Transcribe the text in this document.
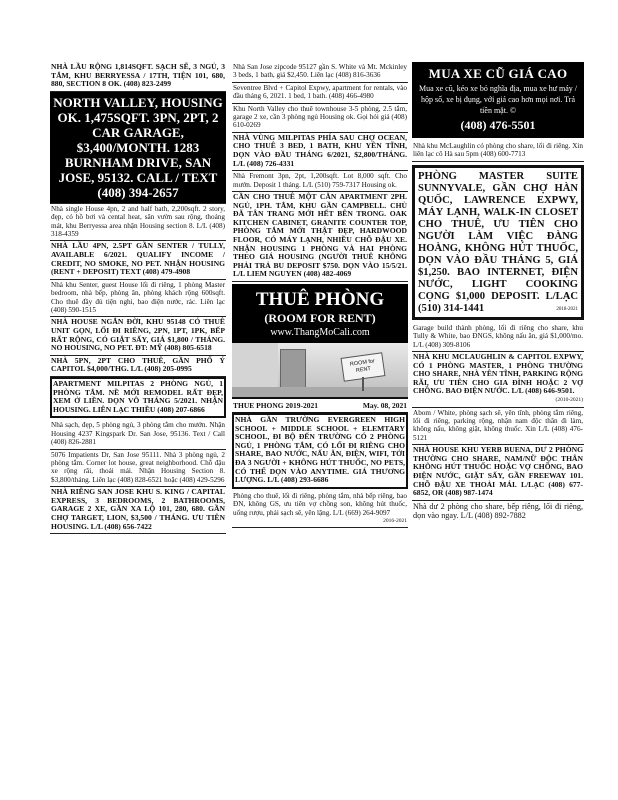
NHÀ LẦU RỘNG 1,814SQFT. SẠCH SẼ, 3 NGỦ, 3 TẮM, KHU BERRYESSA / 17TH, TIỆN 101, 680, 880, SECTION 8 OK. (408) 823-2499
NORTH VALLEY, HOUSING OK. 1,475SQFT. 3PN, 2PT, 2 CAR GARAGE, $3,400/MONTH. 1283 BURNHAM DRIVE, SAN JOSE, 95132. CALL / TEXT (408) 394-2657
Nhà single House 4pn, 2 and half bath, 2,200sqft. 2 story, đẹp, có hồ bơi và cental heat, sân vườn sau rộng, thoáng mát, khu Berryessa area nhận Housing section 8. L/L (408) 318-4359
NHÀ LẦU 4PN, 2.5PT GẦN SENTER / TULLY, AVAILABLE 6/2021. QUALIFY INCOME / CREDIT, NO SMOKE, NO PET. NHẬN HOUSING (RENT + DEPOSIT) TEXT (408) 479-4908
Nhà khu Senter, guest House lối đi riêng, 1 phòng Master bedroom, nhà bếp, phòng ăn, phòng khách rộng 600sqft. Cho thuê đầy đủ tiện nghi, bao điện nước, rác. Liên lạc (408) 590-1515
NHÀ HOUSE NGẮN ĐỜI, KHU 95148 CÓ THUÊ UNIT GỌN, LỐI ĐI RIÊNG, 2PN, 1PT, 1PK, BẾP RẤT RỘNG, CÓ GIẶT SẤY, GIÁ $1,800 / THÁNG. NO HOUSING, NO PET. ĐT: MỸ (408) 805-6518
NHÀ 5PN, 2PT CHO THUÊ, GẦN PHỐ Ý CAPITOL $4,000/THG. L/L (408) 205-0995
APARTMENT MILPITAS 2 PHÒNG NGỦ, 1 PHÒNG TẮM. NỀ MỚI REMODEL RẤT ĐẸP, XEM Ở LIỀN. DỌN VÔ THÁNG 5/2021. NHẬN HOUSING. LIÊN LẠC THIỀU (408) 207-6866
Nhà sạch, đẹp, 5 phòng ngủ, 3 phòng tắm cho mướn. Nhận Housing 4237 Kingspark Dr. San Jose, 95136. Text / Call (408) 826-2881
5076 Impatients Dr, San Jose 95111. Nhà 3 phòng ngủ, 2 phòng tắm. Corner lot house, great neighborhood. Chỗ đậu xe rộng rãi, thoải mái. Nhận Housing Section 8. $3,800/tháng. Liên lạc (408) 828-6521 hoặc (408) 429-5296
NHÀ RIÊNG SAN JOSE KHU S. KING / CAPITAL EXPRESS, 3 BEDROOMS, 2 BATHROOMS, GARAGE 2 XE, GẦN XA LỘ 101, 280, 680. GẦN CHỢ TARGET, LION, $3,500 / THÁNG. ƯU TIÊN HOUSING. L/L (408) 656-7422
Nhà San Jose zipcode 95127 gần S. White và Mt. Mckinley 3 beds, 1 bath, giá $2,450. Liên lạc (408) 816-3636
Seventree Blvd + Capitol Expwy, apartment for rentals, vào đầu tháng 6, 2021. 1 bed, 1 bath. (408) 466-4980
Khu North Valley cho thuê townhouse 3-5 phòng, 2.5 tắm, garage 2 xe, cần 3 phòng ngủ Housing ok. Gọi hỏi giá (408) 610-0269
NHÀ VÙNG MILPITAS PHÍA SAU CHỢ OCEAN, CHO THUÊ 3 BED, 1 BATH, KHU YÊN TĨNH, DỌN VÀO ĐẦU THÁNG 6/2021, $2,800/THÁNG. L/L (408) 726-4331
Nhà Fremont 3pn, 2pt, 1,200sqft. Lot 8,000 sqft. Cho mướn. Deposit 1 tháng. L/L (510) 759-7317 Housing ok.
CẦN CHO THUÊ MỘT CĂN APARTMENT 2PH. NGỦ, 1PH. TẮM, KHU GẦN CAMPBELL. CHỦ ĐÃ TÂN TRANG MỚI HẾT BÊN TRONG. OAK KITCHEN CABINET, GRANITE COUNTER TOP, PHÒNG TẮM MỚI THẬT ĐẸP, HARDWOOD FLOOR, CÓ MÁY LẠNH, NHIỀU CHỖ ĐẬU XE. NHẬN HOUSING 1 PHÒNG VÀ HAI PHÒNG THEO GIÁ HOUSING (NGƯỜI THUÊ KHÔNG PHẢI TRẢ BU DEPOSIT $750. DỌN VÀO 15/5/21. L/L LIEM NGUYEN (408) 482-4069
THUÊ PHÒNG
(ROOM FOR RENT)
www.ThangMoCali.com
ROOM for RENT
THUE PHONG 2019-2021	May. 08, 2021
NHÀ GẦN TRƯỜNG EVERGREEN HIGH SCHOOL + MIDDLE SCHOOL + ELEMTARY SCHOOL, ĐI BỘ ĐẾN TRƯỜNG CÓ 2 PHÒNG NGỦ, 1 PHÒNG TẮM, CÓ LỐI ĐI RIÊNG CHO SHARE, BAO NƯỚC, NẤU ĂN, ĐIỆN, WIFI, TỚI ĐA 3 NGƯỜI + KHÔNG HÚT THUỐC, NO PETS, CÓ THỂ DỌN VÀO ANYTIME. GIÁ THƯƠNG LƯỢNG. L/L (408) 293-6686
Phòng cho thuê, lối đi riêng, phòng tắm, nhà bếp riêng, bao ĐN, không GS, ưu tiên vợ chồng son, không hút thuốc, uống rượu, phải sạch sẽ, yên lặng. L/L (669) 264-9097
2016-2021
MUA XE CŨ GIÁ CAO
Mua xe cũ, kéo xe bỏ nghĩa địa, mua xe hư máy / hộp số, xe bị đụng, với giá cao hơn mọi nơi. Trả tiền mặt. ©
(408) 476-5501
Nhà khu McLaughlin có phòng cho share, lối đi riêng. Xin liên lạc cô Hà sau 5pm (408) 600-7713
PHÒNG MASTER SUITE SUNNYVALE, GẦN CHỢ HÀN QUỐC, LAWRENCE EXPWY, MÁY LẠNH, WALK-IN CLOSET CHO THUÊ, ƯU TIÊN CHO NGƯỜI LÀM VIỆC ĐÀNG HOÀNG, KHÔNG HÚT THUỐC, DỌN VÀO ĐẦU THÁNG 5, GIÁ $1,250. BAO INTERNET, ĐIỆN NƯỚC, LIGHT COOKING CỌNG $1,000 DEPOSIT. L/LẠC (510) 314-1441	2018-2021
Garage build thành phòng, lối đi riêng cho share, khu Tully & White, bao ĐNGS, không nấu ăn, giá $1,000/mo. L/L (408) 309-8106
NHÀ KHU MCLAUGHLIN & CAPITOL EXPWY, CÓ 1 PHÒNG MASTER, 1 PHÒNG THƯỜNG CHO SHARE, NHÀ YÊN TĨNH, PARKING RỘNG RÃI, ƯU TIÊN CHO GIA ĐÌNH HOẶC 2 VỢ CHỒNG. BAO ĐIỆN NƯỚC. L/L (408) 646-9501.
(2010-2021)
Abom / White, phòng sạch sẽ, yên tĩnh, phòng tắm riêng, lối đi riêng, parking rộng, nhận nam độc thân đi làm, không nấu, không giặt, không thuốc. Xin L/L (408) 476-5121
NHÀ HOUSE KHU YERB BUENA, DƯ 2 PHÒNG THƯỜNG CHO SHARE, NAM/NỮ ĐỘC THÂN KHÔNG HÚT THUỐC HOẶC VỢ CHỒNG, BAO ĐIỆN NƯỚC, GIẶT SẤY, GẦN FREEWAY 101. CHỖ ĐẬU XE THOẢI MÁI. L/LẠC (408) 677-6852, OR (408) 987-1474
Nhà dư 2 phòng cho share, bếp riêng, lối đi riêng, dọn vào ngay. L/L (408) 892-7882
